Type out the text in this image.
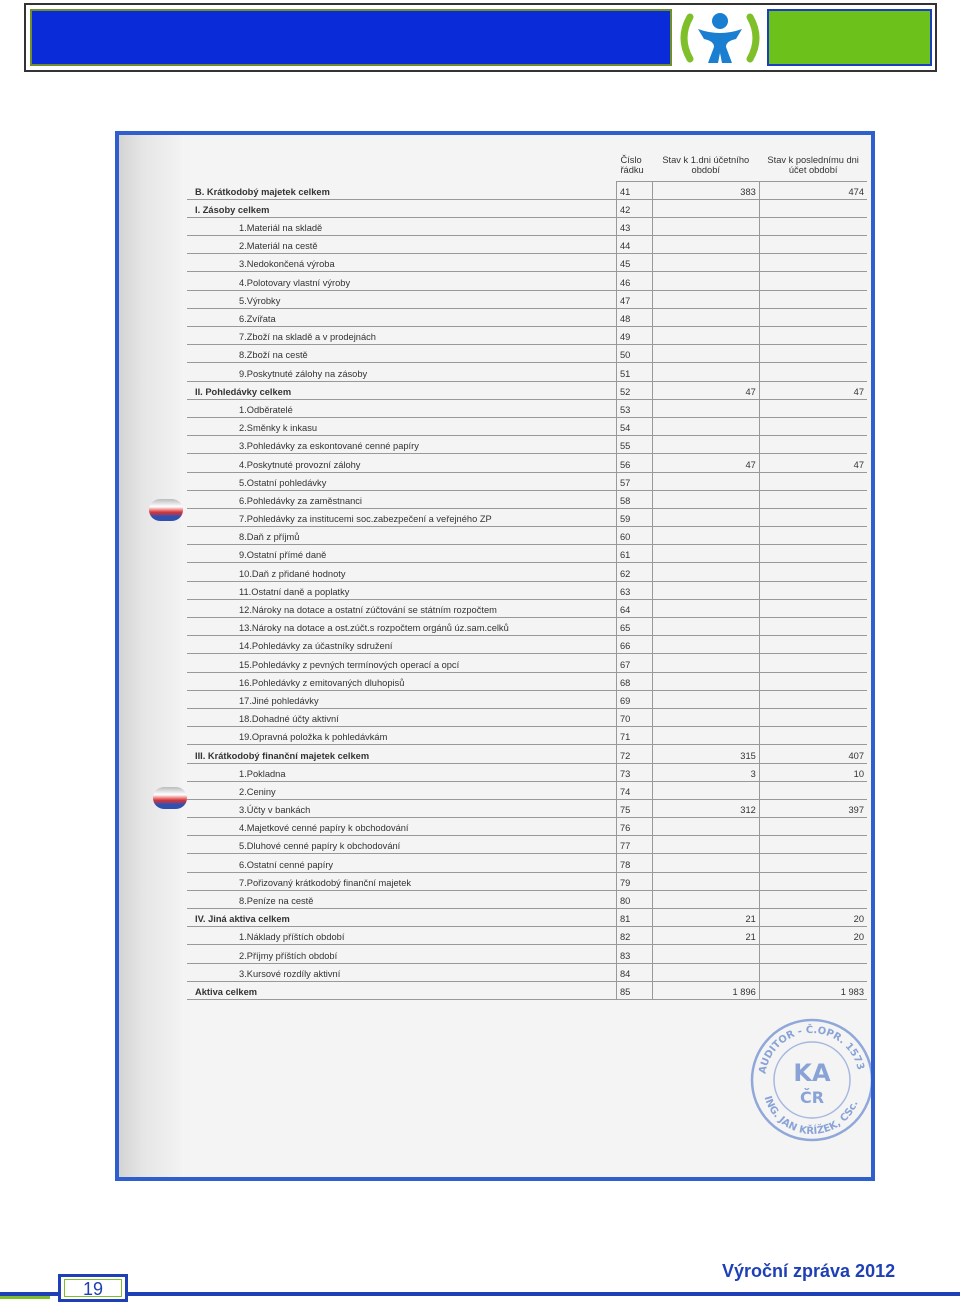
	Číslo řádku	Stav k 1.dni účetního období	Stav k poslednímu dni účet období
B. Krátkodobý majetek celkem	41	383	474
I. Zásoby celkem	42		
1.Materiál na skladě	43		
2.Materiál na cestě	44		
3.Nedokončená výroba	45		
4.Polotovary vlastní výroby	46		
5.Výrobky	47		
6.Zvířata	48		
7.Zboží na skladě a v prodejnách	49		
8.Zboží na cestě	50		
9.Poskytnuté zálohy na zásoby	51		
II. Pohledávky celkem	52	47	47
1.Odběratelé	53		
2.Směnky k inkasu	54		
3.Pohledávky za eskontované cenné papíry	55		
4.Poskytnuté provozní zálohy	56	47	47
5.Ostatní pohledávky	57		
6.Pohledávky za zaměstnanci	58		
7.Pohledávky za institucemi soc.zabezpečení a veřejného ZP	59		
8.Daň z příjmů	60		
9.Ostatní přímé daně	61		
10.Daň z přidané hodnoty	62		
11.Ostatní daně a poplatky	63		
12.Nároky na dotace a ostatní zúčtování se státním rozpočtem	64		
13.Nároky na dotace a ost.zúčt.s rozpočtem orgánů úz.sam.celků	65		
14.Pohledávky za účastníky sdružení	66		
15.Pohledávky z pevných termínových operací a opcí	67		
16.Pohledávky z emitovaných dluhopisů	68		
17.Jiné pohledávky	69		
18.Dohadné účty aktivní	70		
19.Opravná položka k pohledávkám	71		
III. Krátkodobý finanční majetek celkem	72	315	407
1.Pokladna	73	3	10
2.Ceniny	74		
3.Účty v bankách	75	312	397
4.Majetkové cenné papíry k obchodování	76		
5.Dluhové cenné papíry k obchodování	77		
6.Ostatní cenné papíry	78		
7.Pořizovaný krátkodobý finanční majetek	79		
8.Peníze na cestě	80		
IV. Jiná aktiva celkem	81	21	20
1.Náklady příštích období	82	21	20
2.Příjmy příštích období	83		
3.Kursové rozdíly aktivní	84		
Aktiva celkem	85	1 896	1 983
AUDITOR - Č.OPR. 1573
ING. JAN KŘÍŽEK, CSc.
KA
ČR
19
Výroční zpráva 2012
